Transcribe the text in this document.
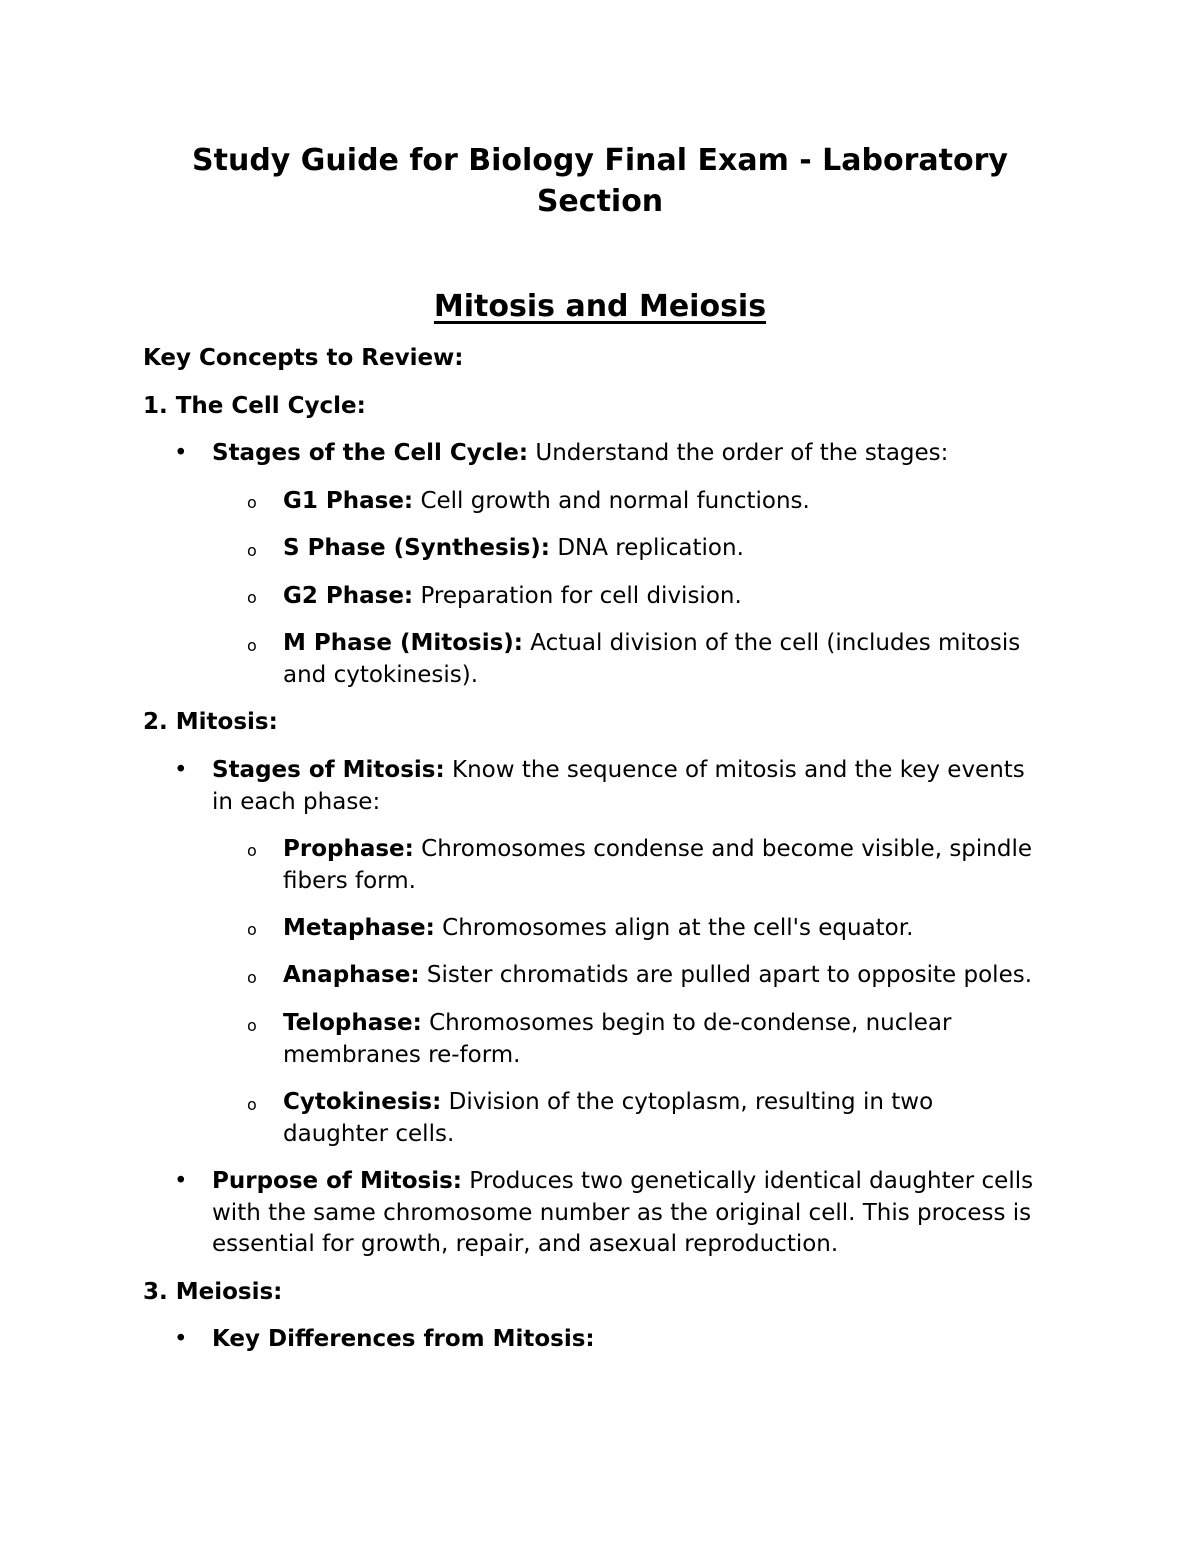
Study Guide for Biology Final Exam - Laboratory Section
Mitosis and Meiosis
Key Concepts to Review:
1. The Cell Cycle:
• Stages of the Cell Cycle: Understand the order of the stages:
o G1 Phase: Cell growth and normal functions.
o S Phase (Synthesis): DNA replication.
o G2 Phase: Preparation for cell division.
o M Phase (Mitosis): Actual division of the cell (includes mitosis and cytokinesis).
2. Mitosis:
• Stages of Mitosis: Know the sequence of mitosis and the key events in each phase:
o Prophase: Chromosomes condense and become visible, spindle fibers form.
o Metaphase: Chromosomes align at the cell's equator.
o Anaphase: Sister chromatids are pulled apart to opposite poles.
o Telophase: Chromosomes begin to de-condense, nuclear membranes re-form.
o Cytokinesis: Division of the cytoplasm, resulting in two daughter cells.
• Purpose of Mitosis: Produces two genetically identical daughter cells with the same chromosome number as the original cell. This process is essential for growth, repair, and asexual reproduction.
3. Meiosis:
• Key Differences from Mitosis:
